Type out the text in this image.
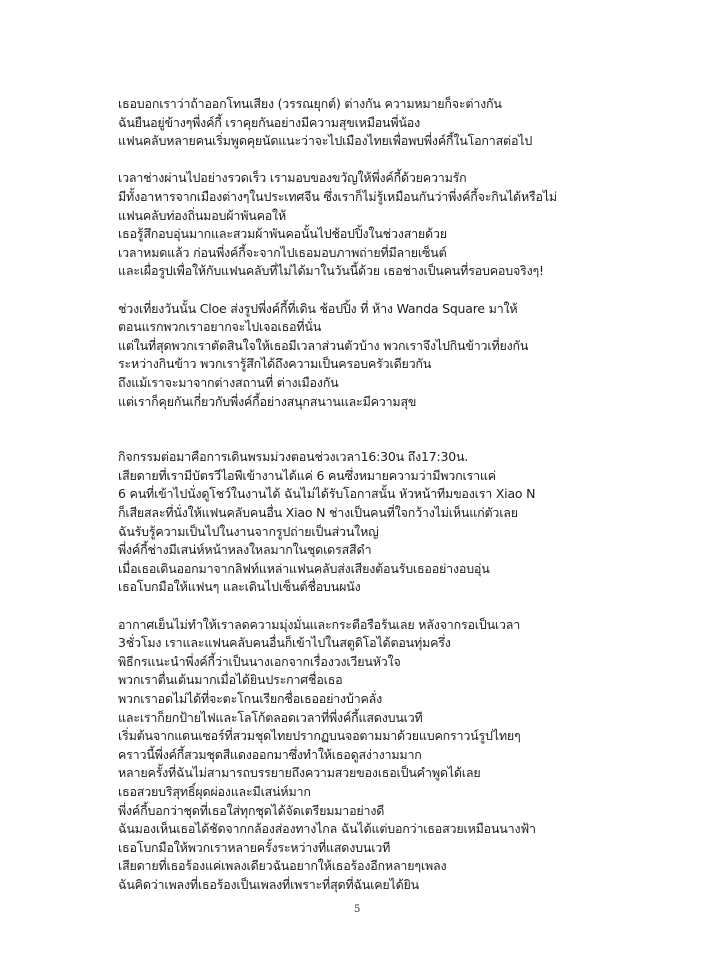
เธอบอกเราว่าถ้าออกโทนเสียง (วรรณยุกต์) ต่างกัน ความหมายก็จะต่างกัน
ฉันยืนอยู่ข้างๆพี่งค์กี้ เราคุยกันอย่างมีความสุขเหมือนพี่น้อง
แฟนคลับหลายคนเริ่มพูดคุยนัดแนะว่าจะไปเมืองไทยเพื่อพบพี่งค์กี้ในโอกาสต่อไป
เวลาช่างผ่านไปอย่างรวดเร็ว เรามอบของขวัญให้พี่งค์กี้ด้วยความรัก
มีทั้งอาหารจากเมืองต่างๆในประเทศจีน ซึ่งเราก็ไม่รู้เหมือนกันว่าพี่งค์กี้จะกินได้หรือไม่
แฟนคลับท่องถิ่นมอบผ้าพันคอให้
เธอรู้สึกอบอุ่นมากและสวมผ้าพันคอนั้นไปช้อปปิ้งในช่วงสายด้วย
เวลาหมดแล้ว ก่อนพี่งค์กี้จะจากไปเธอมอบภาพถ่ายที่มีลายเซ็นต์
และเผื่อรูปเพื่อให้กับแฟนคลับที่ไม่ได้มาในวันนี้ด้วย เธอช่างเป็นคนที่รอบคอบจริงๆ!
ช่วงเที่ยงวันนั้น Cloe ส่งรูปพี่งค์กี้ที่เดิน ช้อปปิ้ง ที่ ห้าง Wanda Square มาให้
ตอนแรกพวกเราอยากจะไปเจอเธอที่นั่น
แต่ในที่สุดพวกเราตัดสินใจให้เธอมีเวลาส่วนตัวบ้าง พวกเราจึงไปกินข้าวเที่ยงกัน
ระหว่างกินข้าว พวกเรารู้สึกได้ถึงความเป็นครอบครัวเดียวกัน
ถึงแม้เราจะมาจากต่างสถานที่ ต่างเมืองกัน
แต่เราก็คุยกันเกี่ยวกับพี่งค์กี้อย่างสนุกสนานและมีความสุข
กิจกรรมต่อมาคือการเดินพรมม่วงตอนช่วงเวลา16:30น ถึง17:30น.
เสียดายที่เรามีบัตรวีไอพีเข้างานได้แค่ 6 คนซึ่งหมายความว่ามีพวกเราแค่
6 คนที่เข้าไปนั่งดูโชว์ในงานได้ ฉันไม่ได้รับโอกาสนั้น หัวหน้าทีมของเรา Xiao N
ก็เสียสละที่นั่งให้แฟนคลับคนอื่น Xiao N ช่างเป็นคนที่ใจกว้างไม่เห็นแก่ตัวเลย
ฉันรับรู้ความเป็นไปในงานจากรูปถ่ายเป็นส่วนใหญ่
พี่งค์กี้ช่างมีเสน่ห์หน้าหลงใหลมากในชุดเดรสสีดำ
เมื่อเธอเดินออกมาจากลิฟท์แหล่าแฟนคลับส่งเสียงต้อนรับเธออย่างอบอุ่น
เธอโบกมือให้แฟนๆ และเดินไปเซ็นต์ชื่อบนผนัง
อากาศเย็นไม่ทำให้เราลดความมุ่งมั่นและกระตือรือร้นเลย หลังจากรอเป็นเวลา
3ชั่วโมง เราและแฟนคลับคนอื่นก็เข้าไปในสตูดิโอได้ตอนทุ่มครึ่ง
พิธีกรแนะนำพี่งค์กี้ว่าเป็นนางเอกจากเรื่องวงเวียนหัวใจ
พวกเราตื่นเต้นมากเมื่อได้ยินประกาศชื่อเธอ
พวกเราอดไม่ได้ที่จะตะโกนเรียกชื่อเธออย่างบ้าคลั่ง
และเราก็ยกป้ายไฟและโลโก้ตลอดเวลาที่พี่งค์กี้แสดงบนเวที
เริ่มต้นจากแดนเซอร์ที่สวมชุดไทยปรากฏบนจอตามมาด้วยแบคกราวน์รูปไทยๆ
คราวนี้พี่งค์กี้สวมชุดสีแดงออกมาซึ่งทำให้เธอดูสง่างามมาก
หลายครั้งที่ฉันไม่สามารถบรรยายถึงความสวยของเธอเป็นคำพูดได้เลย
เธอสวยบริสุทธิ์ผุดผ่องและมีเสน่ห์มาก
พี่งค์กี้บอกว่าชุดที่เธอใส่ทุกชุดได้จัดเตรียมมาอย่างดี
ฉันมองเห็นเธอได้ชัดจากกล้องส่องทางไกล ฉันได้แต่บอกว่าเธอสวยเหมือนนางฟ้า
เธอโบกมือให้พวกเราหลายครั้งระหว่างที่แสดงบนเวที
เสียดายที่เธอร้องแค่เพลงเดียวฉันอยากให้เธอร้องอีกหลายๆเพลง
ฉันคิดว่าเพลงที่เธอร้องเป็นเพลงที่เพราะที่สุดที่ฉันเคยได้ยิน
5
